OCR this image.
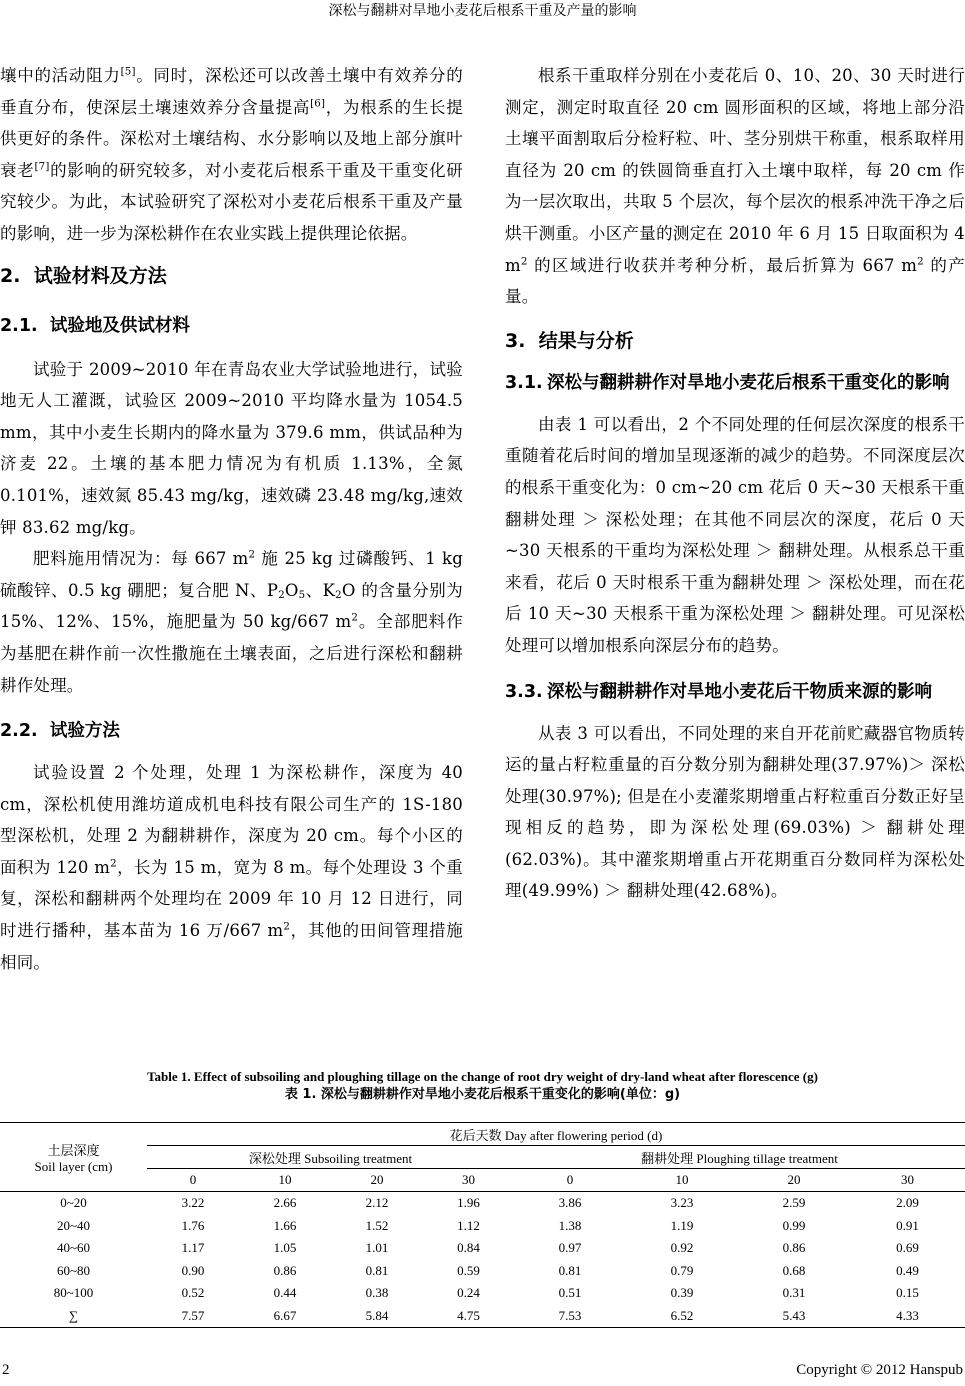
深松与翻耕对旱地小麦花后根系干重及产量的影响

壤中的活动阻力[5]。同时，深松还可以改善土壤中有效养分的垂直分布，使深层土壤速效养分含量提高[6]，为根系的生长提供更好的条件。深松对土壤结构、水分影响以及地上部分旗叶衰老[7]的影响的研究较多，对小麦花后根系干重及干重变化研究较少。为此，本试验研究了深松对小麦花后根系干重及产量的影响，进一步为深松耕作在农业实践上提供理论依据。

2. 试验材料及方法

2.1. 试验地及供试材料

试验于 2009~2010 年在青岛农业大学试验地进行，试验地无人工灌溉，试验区 2009~2010 平均降水量为 1054.5 mm，其中小麦生长期内的降水量为 379.6 mm，供试品种为济麦 22。土壤的基本肥力情况为有机质 1.13%，全氮 0.101%，速效氮 85.43 mg/kg，速效磷 23.48 mg/kg,速效钾 83.62 mg/kg。

肥料施用情况为：每 667 $m^2$ 施 25 kg 过磷酸钙、1 kg 硫酸锌、0.5 kg 硼肥；复合肥 N、$P_2O_5$、$K_2O$ 的含量分别为 15%、12%、15%，施肥量为 50 kg/667 $m^2$。全部肥料作为基肥在耕作前一次性撒施在土壤表面，之后进行深松和翻耕耕作处理。

2.2. 试验方法

试验设置 2 个处理，处理 1 为深松耕作，深度为 40 cm，深松机使用潍坊道成机电科技有限公司生产的 1S-180 型深松机，处理 2 为翻耕耕作，深度为 20 cm。每个小区的面积为 120 $m^2$，长为 15 m，宽为 8 m。每个处理设 3 个重复，深松和翻耕两个处理均在 2009 年 10 月 12 日进行，同时进行播种，基本苗为 16 万/667 $m^2$，其他的田间管理措施相同。

根系干重取样分别在小麦花后 0、10、20、30 天时进行测定，测定时取直径 20 cm 圆形面积的区域，将地上部分沿土壤平面割取后分检籽粒、叶、茎分别烘干称重，根系取样用直径为 20 cm 的铁圆筒垂直打入土壤中取样，每 20 cm 作为一层次取出，共取 5 个层次，每个层次的根系冲洗干净之后烘干测重。小区产量的测定在 2010 年 6 月 15 日取面积为 4 $m^2$ 的区域进行收获并考种分析，最后折算为 667 $m^2$ 的产量。

3. 结果与分析

3.1. 深松与翻耕耕作对旱地小麦花后根系干重变化的影响

由表 1 可以看出，2 个不同处理的任何层次深度的根系干重随着花后时间的增加呈现逐渐的减少的趋势。不同深度层次的根系干重变化为：0 cm~20 cm 花后 0 天~30 天根系干重翻耕处理 ＞ 深松处理；在其他不同层次的深度，花后 0 天~30 天根系的干重均为深松处理 ＞ 翻耕处理。从根系总干重来看，花后 0 天时根系干重为翻耕处理 ＞ 深松处理，而在花后 10 天~30 天根系干重为深松处理 ＞ 翻耕处理。可见深松处理可以增加根系向深层分布的趋势。

3.3. 深松与翻耕耕作对旱地小麦花后干物质来源的影响

从表 3 可以看出，不同处理的来自开花前贮藏器官物质转运的量占籽粒重量的百分数分别为翻耕处理(37.97%)＞ 深松处理(30.97%); 但是在小麦灌浆期增重占籽粒重百分数正好呈现相反的趋势，即为深松处理(69.03%) ＞ 翻耕处理(62.03%)。其中灌浆期增重占开花期重百分数同样为深松处理(49.99%) ＞ 翻耕处理(42.68%)。

Table 1. Effect of subsoiling and ploughing tillage on the change of root dry weight of dry-land wheat after florescence (g)
表 1. 深松与翻耕耕作对旱地小麦花后根系干重变化的影响(单位：g)
土层深度
Soil layer (cm)	花后天数 Day after flowering period (d)							
	深松处理 Subsoiling treatment				翻耕处理 Ploughing tillage treatment			
	0	10	20	30	0	10	20	30
0~20	3.22	2.66	2.12	1.96	3.86	3.23	2.59	2.09
20~40	1.76	1.66	1.52	1.12	1.38	1.19	0.99	0.91
40~60	1.17	1.05	1.01	0.84	0.97	0.92	0.86	0.69
60~80	0.90	0.86	0.81	0.59	0.81	0.79	0.68	0.49
80~100	0.52	0.44	0.38	0.24	0.51	0.39	0.31	0.15
∑	7.57	6.67	5.84	4.75	7.53	6.52	5.43	4.33
2	Copyright © 2012 Hanspub
